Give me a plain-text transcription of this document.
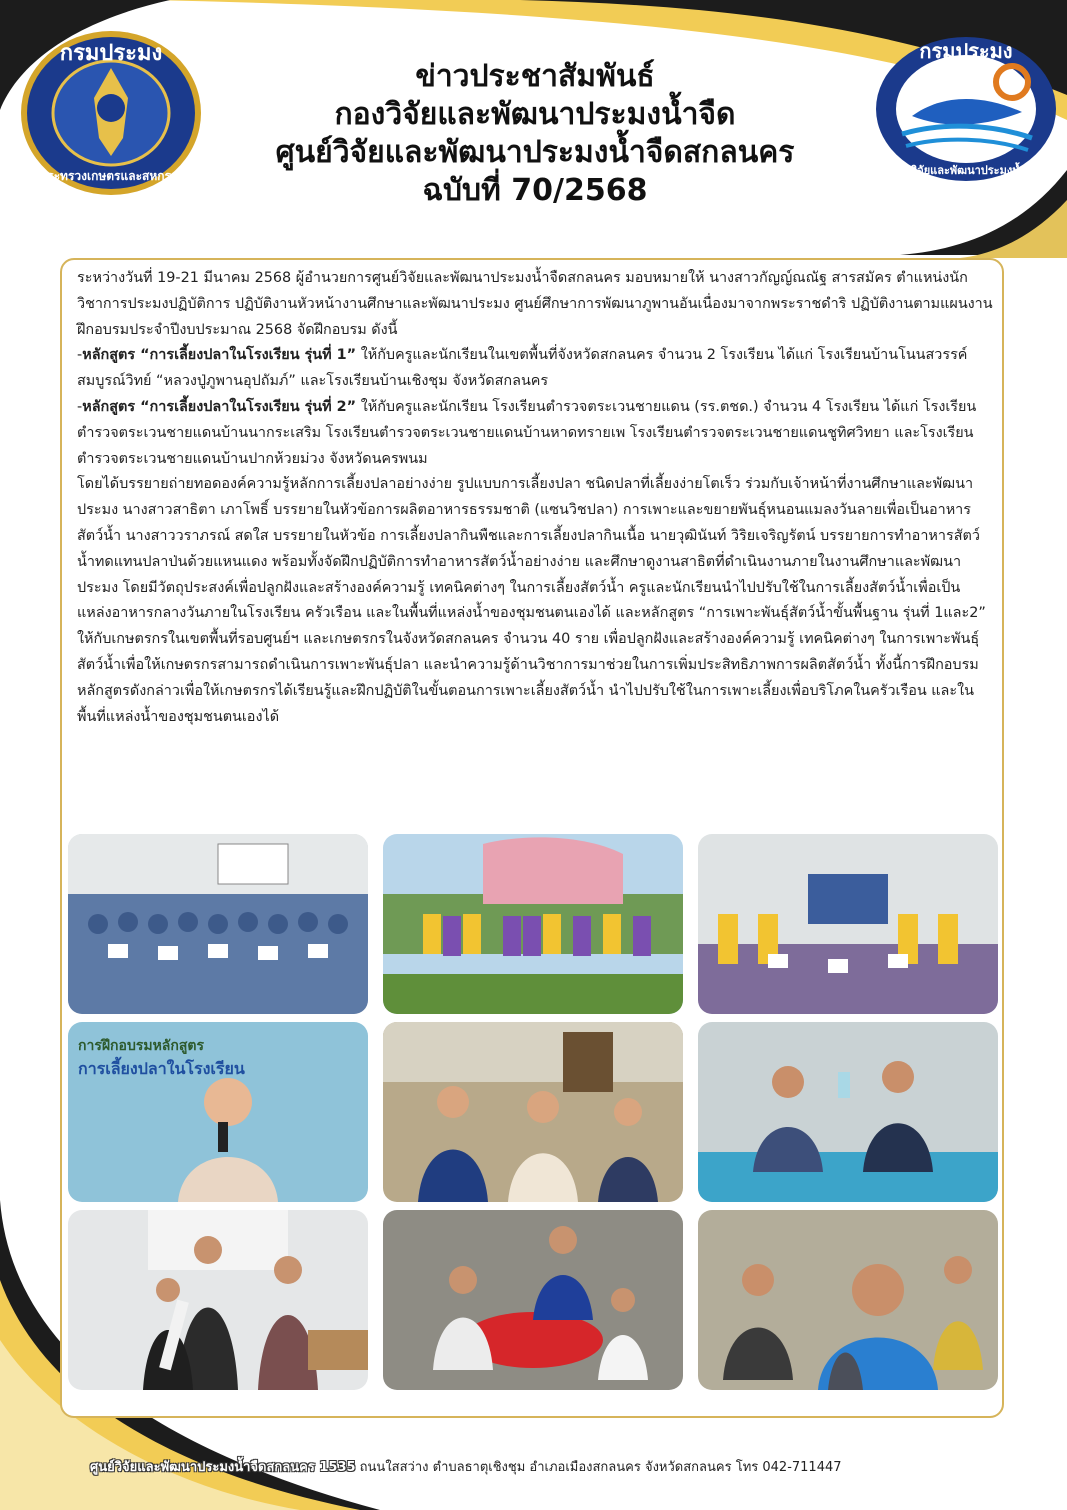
กรมประมง
กระทรวงเกษตรและสหกรณ์
กรมประมง
กองวิจัยและพัฒนาประมงน้ำจืด
ข่าวประชาสัมพันธ์
กองวิจัยและพัฒนาประมงน้ำจืด
ศูนย์วิจัยและพัฒนาประมงน้ำจืดสกลนคร
ฉบับที่ 70/2568

ระหว่างวันที่ 19-21 มีนาคม 2568 ผู้อำนวยการศูนย์วิจัยและพัฒนาประมงน้ำจืดสกลนคร มอบหมายให้ นางสาวกัญญ์ณณัฐ สารสมัคร ตำแหน่งนักวิชาการประมงปฏิบัติการ ปฏิบัติงานหัวหน้างานศึกษาและพัฒนาประมง ศูนย์ศึกษาการพัฒนาภูพานอันเนื่องมาจากพระราชดำริ ปฏิบัติงานตามแผนงานฝึกอบรมประจำปีงบประมาณ 2568 จัดฝึกอบรม ดังนี้

-หลักสูตร “การเลี้ยงปลาในโรงเรียน รุ่นที่ 1” ให้กับครูและนักเรียนในเขตพื้นที่จังหวัดสกลนคร จำนวน 2 โรงเรียน ได้แก่ โรงเรียนบ้านโนนสวรรค์สมบูรณ์วิทย์ “หลวงปู่ภูพานอุปถัมภ์” และโรงเรียนบ้านเชิงชุม จังหวัดสกลนคร

-หลักสูตร “การเลี้ยงปลาในโรงเรียน รุ่นที่ 2” ให้กับครูและนักเรียน โรงเรียนตำรวจตระเวนชายแดน (รร.ตชด.) จำนวน 4 โรงเรียน ได้แก่ โรงเรียนตำรวจตระเวนชายแดนบ้านนากระเสริม โรงเรียนตำรวจตระเวนชายแดนบ้านหาดทรายเพ โรงเรียนตำรวจตระเวนชายแดนชูทิศวิทยา และโรงเรียนตำรวจตระเวนชายแดนบ้านปากห้วยม่วง จังหวัดนครพนม

โดยได้บรรยายถ่ายทอดองค์ความรู้หลักการเลี้ยงปลาอย่างง่าย รูปแบบการเลี้ยงปลา ชนิดปลาที่เลี้ยงง่ายโตเร็ว ร่วมกับเจ้าหน้าที่งานศึกษาและพัฒนาประมง นางสาวสาธิตา เภาโพธิ์ บรรยายในหัวข้อการผลิตอาหารธรรมชาติ (แซนวิชปลา) การเพาะและขยายพันธุ์หนอนแมลงวันลายเพื่อเป็นอาหารสัตว์น้ำ นางสาววราภรณ์ สดใส บรรยายในหัวข้อ การเลี้ยงปลากินพืชและการเลี้ยงปลากินเนื้อ นายวุฒินันท์ วิริยเจริญรัตน์ บรรยายการทำอาหารสัตว์น้ำทดแทนปลาป่นด้วยแหนแดง พร้อมทั้งจัดฝึกปฏิบัติการทำอาหารสัตว์น้ำอย่างง่าย และศึกษาดูงานสาธิตที่ดำเนินงานภายในงานศึกษาและพัฒนาประมง โดยมีวัตถุประสงค์เพื่อปลูกฝังและสร้างองค์ความรู้ เทคนิคต่างๆ ในการเลี้ยงสัตว์น้ำ ครูและนักเรียนนำไปปรับใช้ในการเลี้ยงสัตว์น้ำเพื่อเป็นแหล่งอาหารกลางวันภายในโรงเรียน ครัวเรือน และในพื้นที่แหล่งน้ำของชุมชนตนเองได้ และหลักสูตร “การเพาะพันธุ์สัตว์น้ำขั้นพื้นฐาน รุ่นที่ 1และ2” ให้กับเกษตรกรในเขตพื้นที่รอบศูนย์ฯ และเกษตรกรในจังหวัดสกลนคร จำนวน 40 ราย เพื่อปลูกฝังและสร้างองค์ความรู้ เทคนิคต่างๆ ในการเพาะพันธุ์สัตว์น้ำเพื่อให้เกษตรกรสามารถดำเนินการเพาะพันธุ์ปลา และนำความรู้ด้านวิชาการมาช่วยในการเพิ่มประสิทธิภาพการผลิตสัตว์น้ำ ทั้งนี้การฝึกอบรมหลักสูตรดังกล่าวเพื่อให้เกษตรกรได้เรียนรู้และฝึกปฏิบัติในขั้นตอนการเพาะเลี้ยงสัตว์น้ำ นำไปปรับใช้ในการเพาะเลี้ยงเพื่อบริโภคในครัวเรือน และในพื้นที่แหล่งน้ำของชุมชนตนเองได้

การฝึกอบรมหลักสูตร
การเลี้ยงปลาในโรงเรียน
ศูนย์วิจัยและพัฒนาประมงน้ำจืดสกลนคร 1535 ถนนใสสว่าง ตำบลธาตุเชิงชุม อำเภอเมืองสกลนคร จังหวัดสกลนคร โทร 042-711447
